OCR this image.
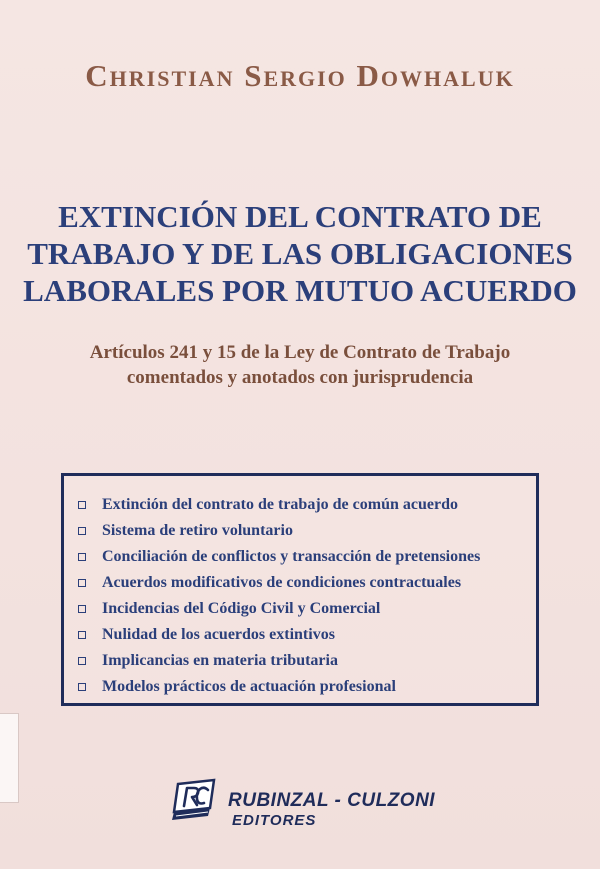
Christian Sergio Dowhaluk
EXTINCIÓN DEL CONTRATO DE
TRABAJO Y DE LAS OBLIGACIONES
LABORALES POR MUTUO ACUERDO
Artículos 241 y 15 de la Ley de Contrato de Trabajo
comentados y anotados con jurisprudencia
Extinción del contrato de trabajo de común acuerdo
Sistema de retiro voluntario
Conciliación de conflictos y transacción de pretensiones
Acuerdos modificativos de condiciones contractuales
Incidencias del Código Civil y Comercial
Nulidad de los acuerdos extintivos
Implicancias en materia tributaria
Modelos prácticos de actuación profesional
RUBINZAL - CULZONI
EDITORES
